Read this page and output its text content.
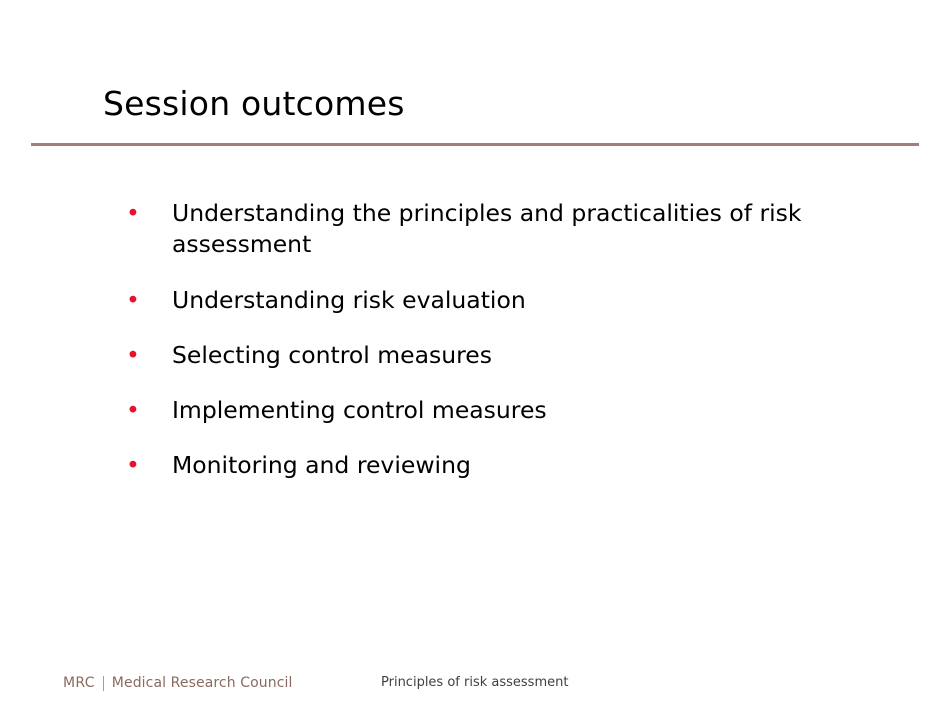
Session outcomes
• Understanding the principles and practicalities of risk assessment
• Understanding risk evaluation
• Selecting control measures
• Implementing control measures
• Monitoring and reviewing
MRC Medical Research Council	Principles of risk assessment
